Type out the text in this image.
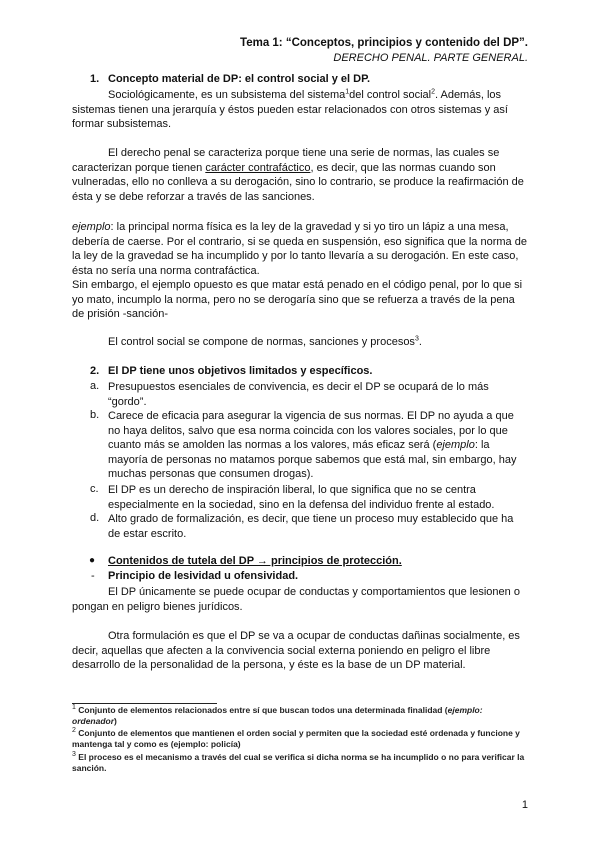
Tema 1: “Conceptos, principios y contenido del DP”.
DERECHO PENAL. PARTE GENERAL.
1. Concepto material de DP: el control social y el DP.

Sociológicamente, es un subsistema del sistema$^1$del control social$^2$. Además, los sistemas tienen una jerarquía y éstos pueden estar relacionados con otros sistemas y así formar subsistemas.

El derecho penal se caracteriza porque tiene una serie de normas, las cuales se caracterizan porque tienen carácter contrafáctico, es decir, que las normas cuando son vulneradas, ello no conlleva a su derogación, sino lo contrario, se produce la reafirmación de ésta y se debe reforzar a través de las sanciones.

ejemplo: la principal norma física es la ley de la gravedad y si yo tiro un lápiz a una mesa, debería de caerse. Por el contrario, si se queda en suspensión, eso significa que la norma de la ley de la gravedad se ha incumplido y por lo tanto llevaría a su derogación. En este caso, ésta no sería una norma contrafáctica.

Sin embargo, el ejemplo opuesto es que matar está penado en el código penal, por lo que si yo mato, incumplo la norma, pero no se derogaría sino que se refuerza a través de la pena de prisión -sanción-

El control social se compone de normas, sanciones y procesos$^3$.

2. El DP tiene unos objetivos limitados y específicos.
a. Presupuestos esenciales de convivencia, es decir el DP se ocupará de lo más “gordo”.

b. Carece de eficacia para asegurar la vigencia de sus normas. El DP no ayuda a que no haya delitos, salvo que esa norma coincida con los valores sociales, por lo que cuanto más se amolden las normas a los valores, más eficaz será (ejemplo: la mayoría de personas no matamos porque sabemos que está mal, sin embargo, hay muchas personas que consumen drogas).

c. El DP es un derecho de inspiración liberal, lo que significa que no se centra especialmente en la sociedad, sino en la defensa del individuo frente al estado.

d. Alto grado de formalización, es decir, que tiene un proceso muy establecido que ha de estar escrito.

● Contenidos de tutela del DP → principios de protección.
- Principio de lesividad u ofensividad.

El DP únicamente se puede ocupar de conductas y comportamientos que lesionen o pongan en peligro bienes jurídicos.

Otra formulación es que el DP se va a ocupar de conductas dañinas socialmente, es decir, aquellas que afecten a la convivencia social externa poniendo en peligro el libre desarrollo de la personalidad de la persona, y éste es la base de un DP material.

$^1$ Conjunto de elementos relacionados entre sí que buscan todos una determinada finalidad (ejemplo: ordenador)
$^2$ Conjunto de elementos que mantienen el orden social y permiten que la sociedad esté ordenada y funcione y mantenga tal y como es (ejemplo: policía)
$^3$ El proceso es el mecanismo a través del cual se verifica si dicha norma se ha incumplido o no para verificar la sanción.
1
